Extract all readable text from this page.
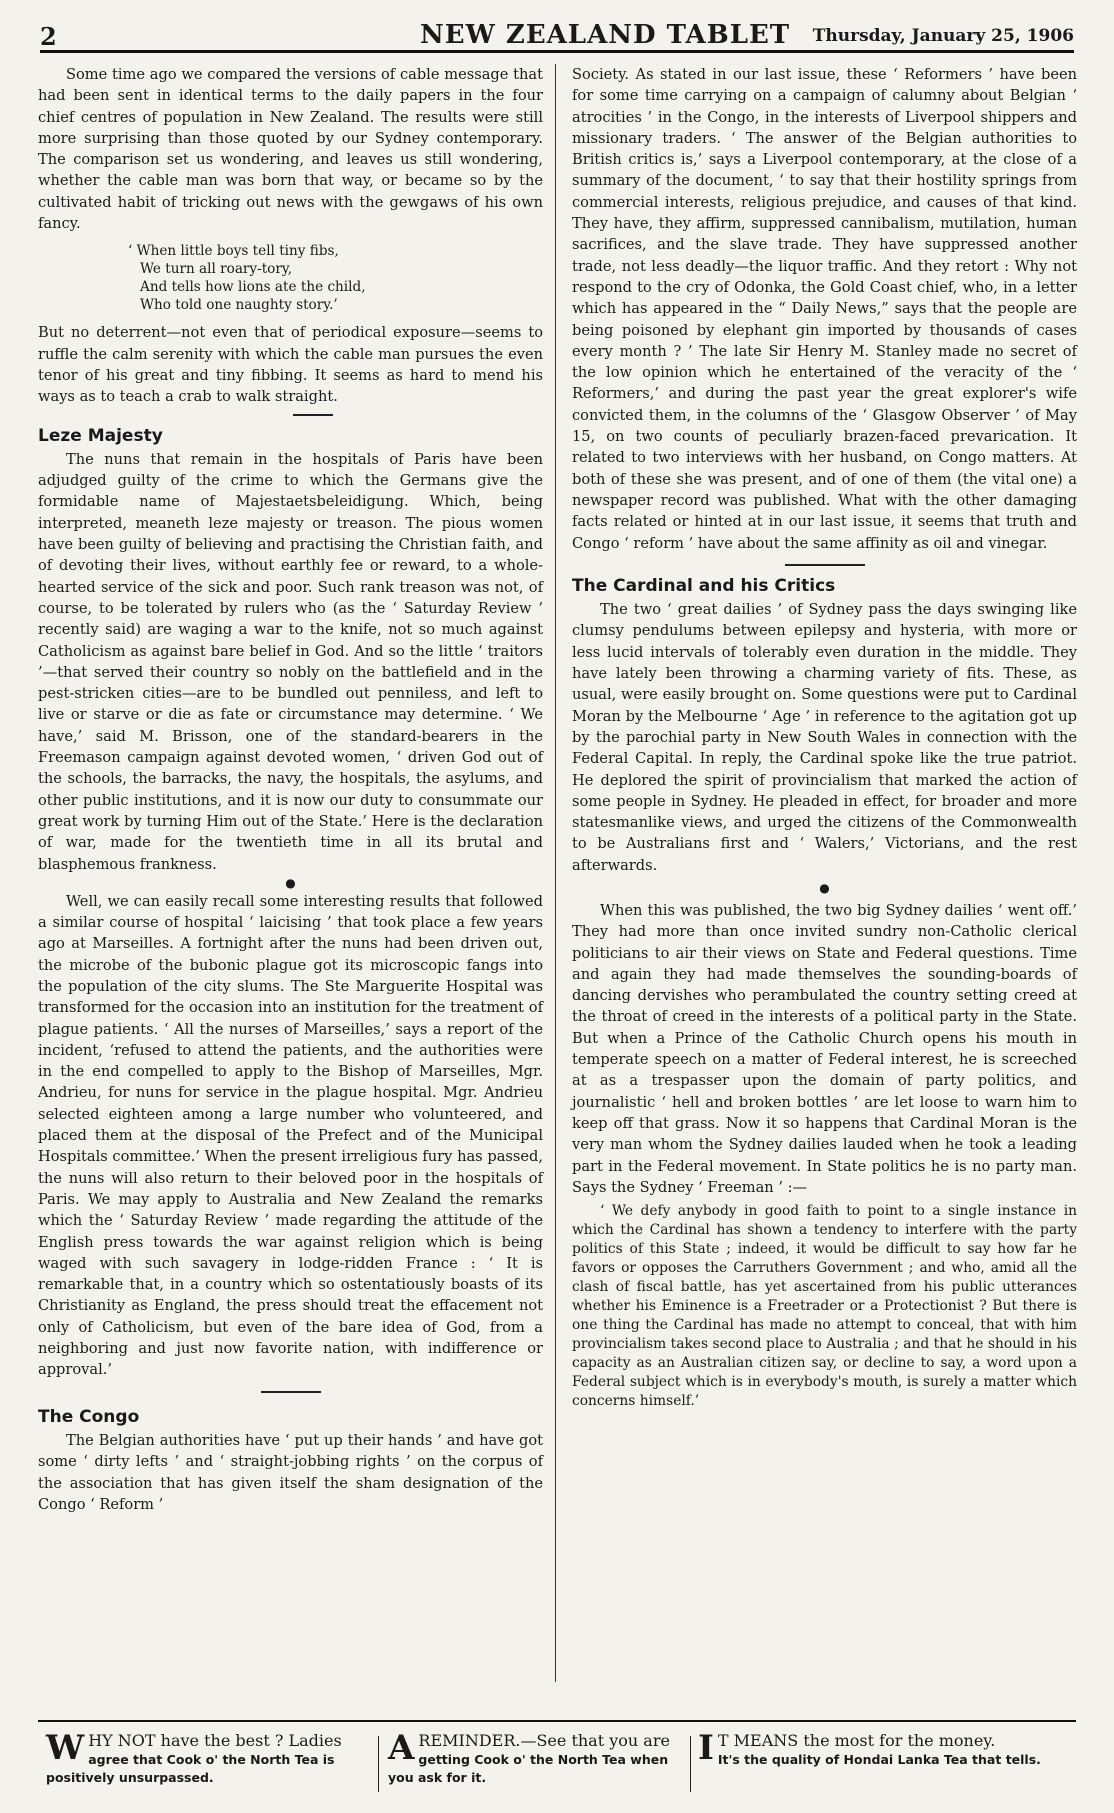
2	NEW ZEALAND TABLET Thursday, January 25, 1906

Some time ago we compared the versions of cable message that had been sent in identical terms to the daily papers in the four chief centres of population in New Zealand. The results were still more surprising than those quoted by our Sydney contemporary. The comparison set us wondering, and leaves us still wondering, whether the cable man was born that way, or became so by the cultivated habit of tricking out news with the gewgaws of his own fancy.

‘ When little boys tell tiny fibs,
We turn all roary-tory,
And tells how lions ate the child,
Who told one naughty story.’

But no deterrent—not even that of periodical exposure—seems to ruffle the calm serenity with which the cable man pursues the even tenor of his great and tiny fibbing. It seems as hard to mend his ways as to teach a crab to walk straight.

Leze Majesty

The nuns that remain in the hospitals of Paris have been adjudged guilty of the crime to which the Germans give the formidable name of Majestaetsbeleidigung. Which, being interpreted, meaneth leze majesty or treason. The pious women have been guilty of believing and practising the Christian faith, and of devoting their lives, without earthly fee or reward, to a whole-hearted service of the sick and poor. Such rank treason was not, of course, to be tolerated by rulers who (as the ‘ Saturday Review ’ recently said) are waging a war to the knife, not so much against Catholicism as against bare belief in God. And so the little ‘ traitors ’—that served their country so nobly on the battlefield and in the pest-stricken cities—are to be bundled out penniless, and left to live or starve or die as fate or circumstance may determine. ‘ We have,’ said M. Brisson, one of the standard-bearers in the Freemason campaign against devoted women, ‘ driven God out of the schools, the barracks, the navy, the hospitals, the asylums, and other public institutions, and it is now our duty to consummate our great work by turning Him out of the State.’ Here is the declaration of war, made for the twentieth time in all its brutal and blasphemous frankness.

●

Well, we can easily recall some interesting results that followed a similar course of hospital ‘ laicising ’ that took place a few years ago at Marseilles. A fortnight after the nuns had been driven out, the microbe of the bubonic plague got its microscopic fangs into the population of the city slums. The Ste Marguerite Hospital was transformed for the occasion into an institution for the treatment of plague patients. ‘ All the nurses of Marseilles,’ says a report of the incident, ‘refused to attend the patients, and the authorities were in the end compelled to apply to the Bishop of Marseilles, Mgr. Andrieu, for nuns for service in the plague hospital. Mgr. Andrieu selected eighteen among a large number who volunteered, and placed them at the disposal of the Prefect and of the Municipal Hospitals committee.’ When the present irreligious fury has passed, the nuns will also return to their beloved poor in the hospitals of Paris. We may apply to Australia and New Zealand the remarks which the ‘ Saturday Review ’ made regarding the attitude of the English press towards the war against religion which is being waged with such savagery in lodge-ridden France : ‘ It is remarkable that, in a country which so ostentatiously boasts of its Christianity as England, the press should treat the effacement not only of Catholicism, but even of the bare idea of God, from a neighboring and just now favorite nation, with indifference or approval.’

The Congo

The Belgian authorities have ‘ put up their hands ’ and have got some ‘ dirty lefts ’ and ‘ straight-jobbing rights ’ on the corpus of the association that has given itself the sham designation of the Congo ‘ Reform ’

Society. As stated in our last issue, these ‘ Reformers ’ have been for some time carrying on a campaign of calumny about Belgian ‘ atrocities ’ in the Congo, in the interests of Liverpool shippers and missionary traders. ‘ The answer of the Belgian authorities to British critics is,’ says a Liverpool contemporary, at the close of a summary of the document, ‘ to say that their hostility springs from commercial interests, religious prejudice, and causes of that kind. They have, they affirm, suppressed cannibalism, mutilation, human sacrifices, and the slave trade. They have suppressed another trade, not less deadly—the liquor traffic. And they retort : Why not respond to the cry of Odonka, the Gold Coast chief, who, in a letter which has appeared in the “ Daily News,” says that the people are being poisoned by elephant gin imported by thousands of cases every month ? ’ The late Sir Henry M. Stanley made no secret of the low opinion which he entertained of the veracity of the ‘ Reformers,’ and during the past year the great explorer's wife convicted them, in the columns of the ‘ Glasgow Observer ’ of May 15, on two counts of peculiarly brazen-faced prevarication. It related to two interviews with her husband, on Congo matters. At both of these she was present, and of one of them (the vital one) a newspaper record was published. What with the other damaging facts related or hinted at in our last issue, it seems that truth and Congo ‘ reform ’ have about the same affinity as oil and vinegar.

The Cardinal and his Critics

The two ‘ great dailies ’ of Sydney pass the days swinging like clumsy pendulums between epilepsy and hysteria, with more or less lucid intervals of tolerably even duration in the middle. They have lately been throwing a charming variety of fits. These, as usual, were easily brought on. Some questions were put to Cardinal Moran by the Melbourne ‘ Age ’ in reference to the agitation got up by the parochial party in New South Wales in connection with the Federal Capital. In reply, the Cardinal spoke like the true patriot. He deplored the spirit of provincialism that marked the action of some people in Sydney. He pleaded in effect, for broader and more statesmanlike views, and urged the citizens of the Commonwealth to be Australians first and ‘ Walers,’ Victorians, and the rest afterwards.

●

When this was published, the two big Sydney dailies ‘ went off.’ They had more than once invited sundry non-Catholic clerical politicians to air their views on State and Federal questions. Time and again they had made themselves the sounding-boards of dancing dervishes who perambulated the country setting creed at the throat of creed in the interests of a political party in the State. But when a Prince of the Catholic Church opens his mouth in temperate speech on a matter of Federal interest, he is screeched at as a trespasser upon the domain of party politics, and journalistic ‘ hell and broken bottles ’ are let loose to warn him to keep off that grass. Now it so happens that Cardinal Moran is the very man whom the Sydney dailies lauded when he took a leading part in the Federal movement. In State politics he is no party man. Says the Sydney ‘ Freeman ’ :—

‘ We defy anybody in good faith to point to a single instance in which the Cardinal has shown a tendency to interfere with the party politics of this State ; indeed, it would be difficult to say how far he favors or opposes the Carruthers Government ; and who, amid all the clash of fiscal battle, has yet ascertained from his public utterances whether his Eminence is a Freetrader or a Protectionist ? But there is one thing the Cardinal has made no attempt to conceal, that with him provincialism takes second place to Australia ; and that he should in his capacity as an Australian citizen say, or decline to say, a word upon a Federal subject which is in everybody's mouth, is surely a matter which concerns himself.’

W HY NOT have the best ? Ladies
agree that Cook o' the North Tea is positively unsurpassed.
A REMINDER.—See that you are
getting Cook o' the North Tea when you ask for it.
I T MEANS the most for the money.
It's the quality of Hondai Lanka Tea that tells.
